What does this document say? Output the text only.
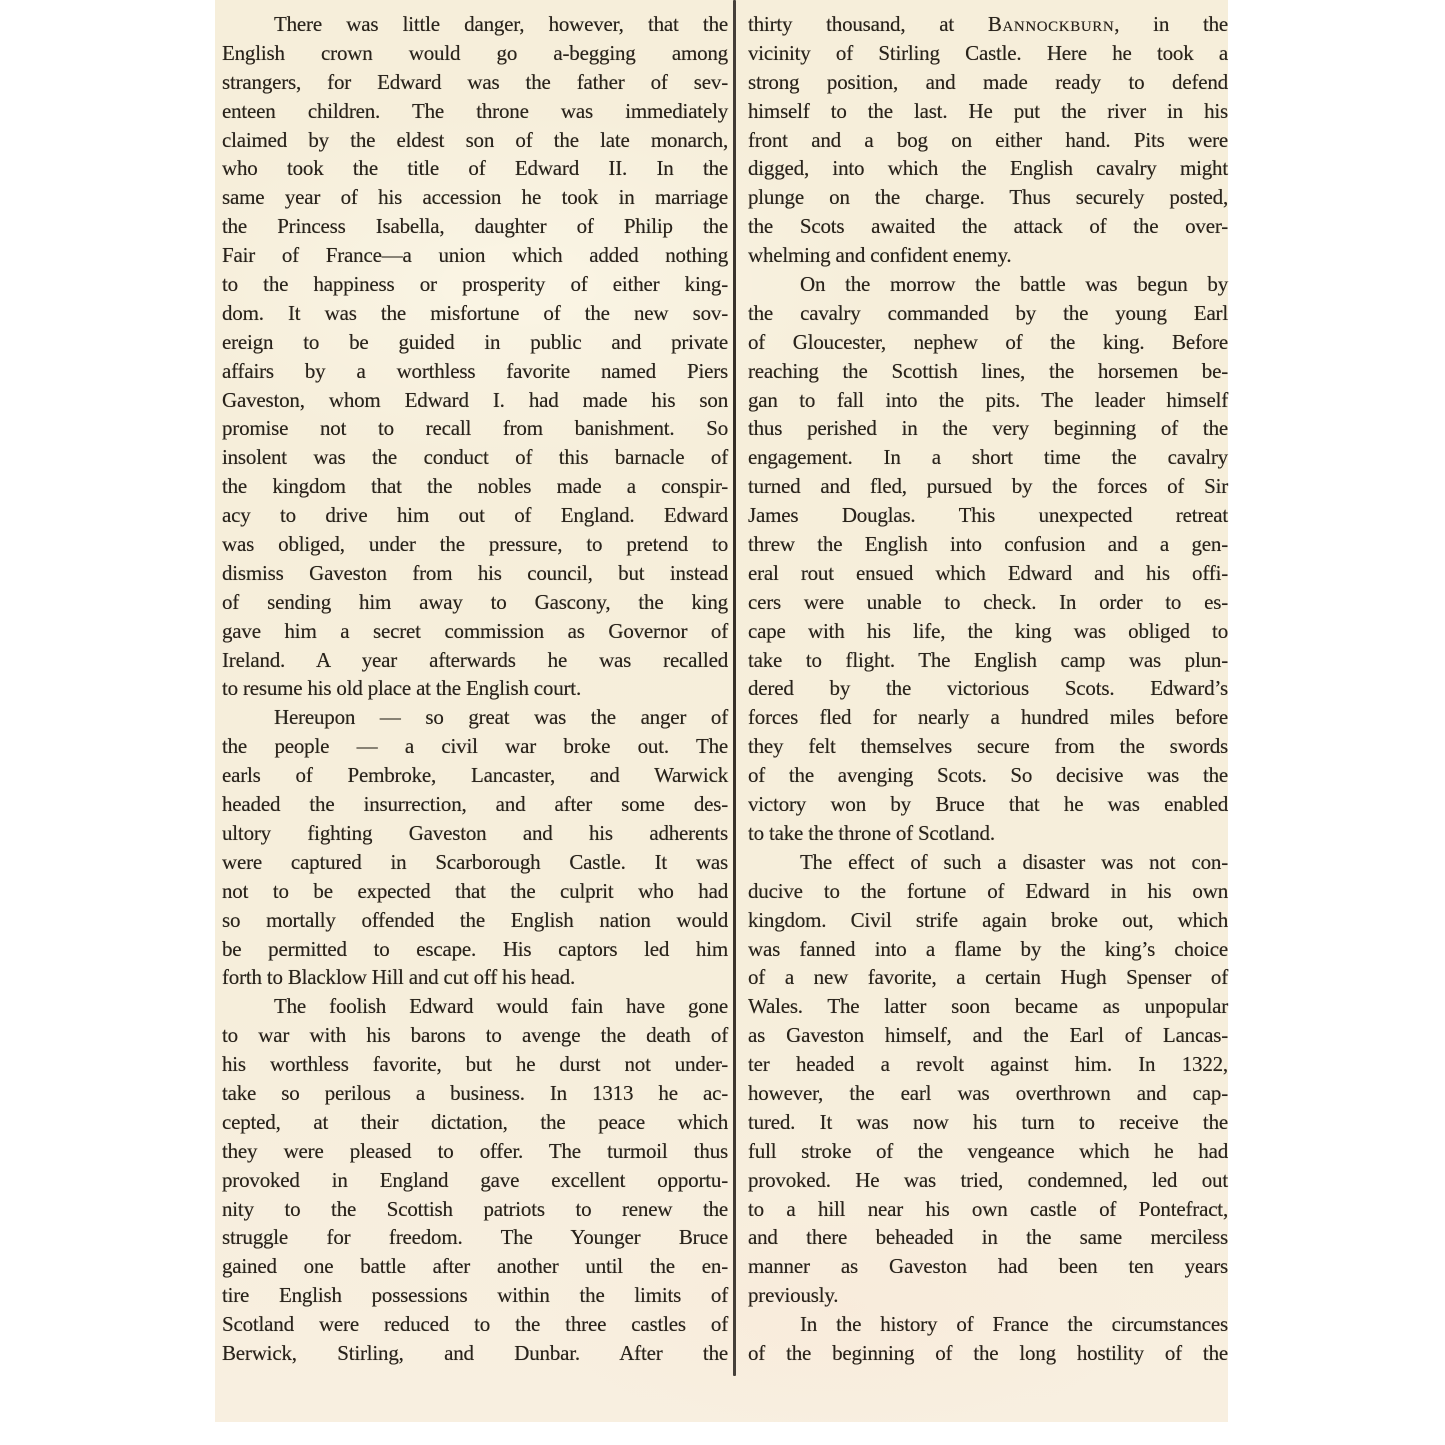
There was little danger, however, that the
English crown would go a-begging among
strangers, for Edward was the father of sev-
enteen children. The throne was immediately
claimed by the eldest son of the late monarch,
who took the title of Edward II. In the
same year of his accession he took in marriage
the Princess Isabella, daughter of Philip the
Fair of France—a union which added nothing
to the happiness or prosperity of either king-
dom. It was the misfortune of the new sov-
ereign to be guided in public and private
affairs by a worthless favorite named Piers
Gaveston, whom Edward I. had made his son
promise not to recall from banishment. So
insolent was the conduct of this barnacle of
the kingdom that the nobles made a conspir-
acy to drive him out of England. Edward
was obliged, under the pressure, to pretend to
dismiss Gaveston from his council, but instead
of sending him away to Gascony, the king
gave him a secret commission as Governor of
Ireland. A year afterwards he was recalled
to resume his old place at the English court.
Hereupon — so great was the anger of
the people — a civil war broke out. The
earls of Pembroke, Lancaster, and Warwick
headed the insurrection, and after some des-
ultory fighting Gaveston and his adherents
were captured in Scarborough Castle. It was
not to be expected that the culprit who had
so mortally offended the English nation would
be permitted to escape. His captors led him
forth to Blacklow Hill and cut off his head.
The foolish Edward would fain have gone
to war with his barons to avenge the death of
his worthless favorite, but he durst not under-
take so perilous a business. In 1313 he ac-
cepted, at their dictation, the peace which
they were pleased to offer. The turmoil thus
provoked in England gave excellent opportu-
nity to the Scottish patriots to renew the
struggle for freedom. The Younger Bruce
gained one battle after another until the en-
tire English possessions within the limits of
Scotland were reduced to the three castles of
Berwick, Stirling, and Dunbar. After the
thirty thousand, at Bannockburn, in the
vicinity of Stirling Castle. Here he took a
strong position, and made ready to defend
himself to the last. He put the river in his
front and a bog on either hand. Pits were
digged, into which the English cavalry might
plunge on the charge. Thus securely posted,
the Scots awaited the attack of the over-
whelming and confident enemy.
On the morrow the battle was begun by
the cavalry commanded by the young Earl
of Gloucester, nephew of the king. Before
reaching the Scottish lines, the horsemen be-
gan to fall into the pits. The leader himself
thus perished in the very beginning of the
engagement. In a short time the cavalry
turned and fled, pursued by the forces of Sir
James Douglas. This unexpected retreat
threw the English into confusion and a gen-
eral rout ensued which Edward and his offi-
cers were unable to check. In order to es-
cape with his life, the king was obliged to
take to flight. The English camp was plun-
dered by the victorious Scots. Edward’s
forces fled for nearly a hundred miles before
they felt themselves secure from the swords
of the avenging Scots. So decisive was the
victory won by Bruce that he was enabled
to take the throne of Scotland.
The effect of such a disaster was not con-
ducive to the fortune of Edward in his own
kingdom. Civil strife again broke out, which
was fanned into a flame by the king’s choice
of a new favorite, a certain Hugh Spenser of
Wales. The latter soon became as unpopular
as Gaveston himself, and the Earl of Lancas-
ter headed a revolt against him. In 1322,
however, the earl was overthrown and cap-
tured. It was now his turn to receive the
full stroke of the vengeance which he had
provoked. He was tried, condemned, led out
to a hill near his own castle of Pontefract,
and there beheaded in the same merciless
manner as Gaveston had been ten years
previously.
In the history of France the circumstances
of the beginning of the long hostility of the
